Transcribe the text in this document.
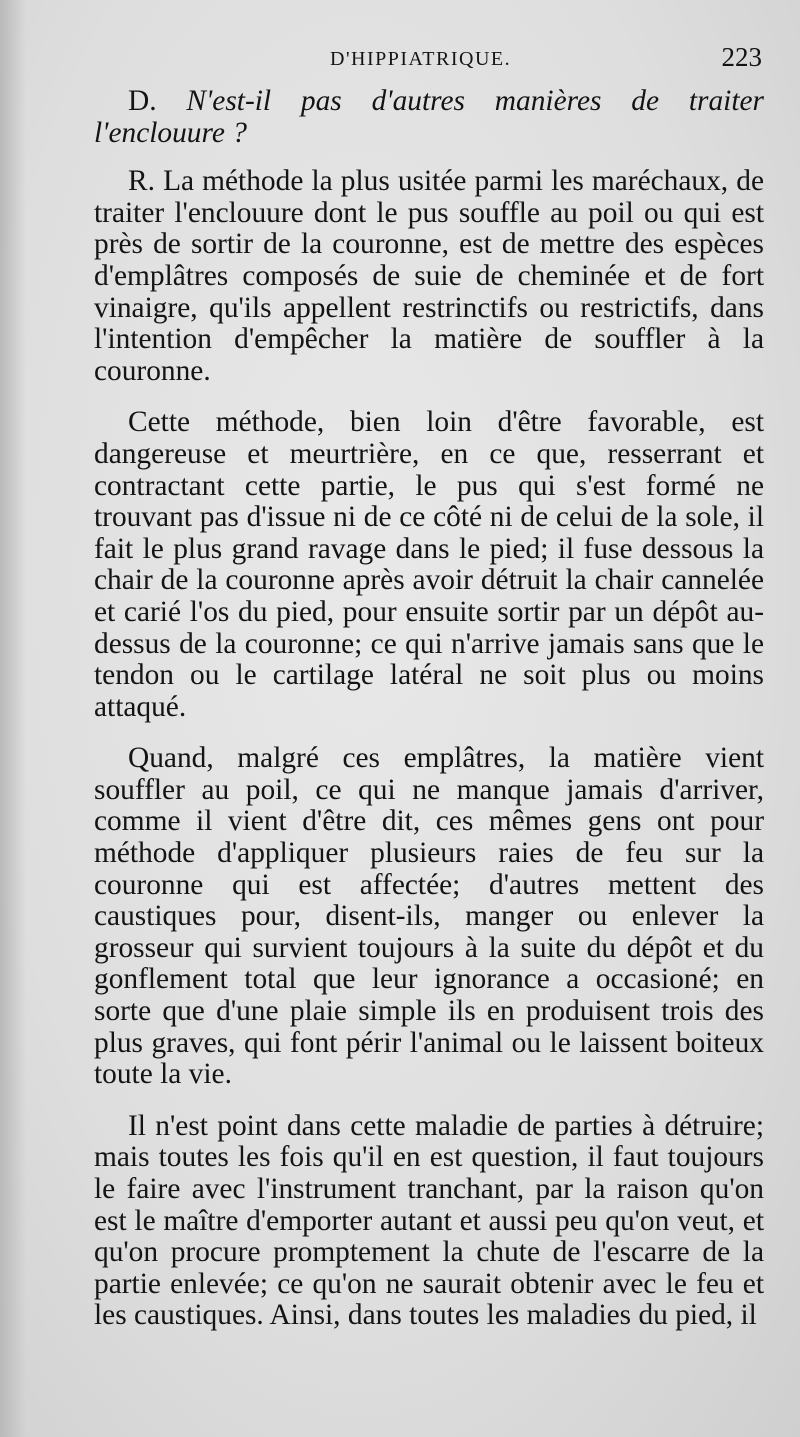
D'HIPPIATRIQUE.	223

D. N'est-il pas d'autres manières de traiter l'enclouure ?

R. La méthode la plus usitée parmi les maréchaux, de traiter l'enclouure dont le pus souffle au poil ou qui est près de sortir de la couronne, est de mettre des espèces d'emplâtres composés de suie de cheminée et de fort vinaigre, qu'ils appellent restrinctifs ou restrictifs, dans l'intention d'empêcher la matière de souffler à la couronne.

Cette méthode, bien loin d'être favorable, est dangereuse et meurtrière, en ce que, resserrant et contractant cette partie, le pus qui s'est formé ne trouvant pas d'issue ni de ce côté ni de celui de la sole, il fait le plus grand ravage dans le pied; il fuse dessous la chair de la couronne après avoir détruit la chair cannelée et carié l'os du pied, pour ensuite sortir par un dépôt au-dessus de la couronne; ce qui n'arrive jamais sans que le tendon ou le cartilage latéral ne soit plus ou moins attaqué.

Quand, malgré ces emplâtres, la matière vient souffler au poil, ce qui ne manque jamais d'arriver, comme il vient d'être dit, ces mêmes gens ont pour méthode d'appliquer plusieurs raies de feu sur la couronne qui est affectée; d'autres mettent des caustiques pour, disent-ils, manger ou enlever la grosseur qui survient toujours à la suite du dépôt et du gonflement total que leur ignorance a occasioné; en sorte que d'une plaie simple ils en produisent trois des plus graves, qui font périr l'animal ou le laissent boiteux toute la vie.

Il n'est point dans cette maladie de parties à détruire; mais toutes les fois qu'il en est question, il faut toujours le faire avec l'instrument tranchant, par la raison qu'on est le maître d'emporter autant et aussi peu qu'on veut, et qu'on procure promptement la chute de l'escarre de la partie enlevée; ce qu'on ne saurait obtenir avec le feu et les caustiques. Ainsi, dans toutes les maladies du pied, il
